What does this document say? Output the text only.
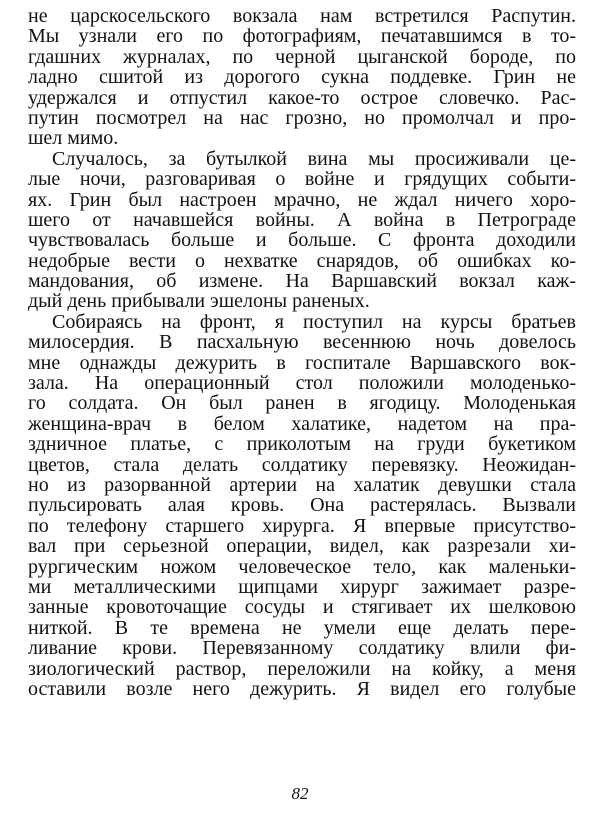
не царскосельского вокзала нам встретился Распутин.
Мы узнали его по фотографиям, печатавшимся в то-
гдашних журналах, по черной цыганской бороде, по
ладно сшитой из дорогого сукна поддевке. Грин не
удержался и отпустил какое-то острое словечко. Рас-
путин посмотрел на нас грозно, но промолчал и про-
шел мимо.
Случалось, за бутылкой вина мы просиживали це-
лые ночи, разговаривая о войне и грядущих событи-
ях. Грин был настроен мрачно, не ждал ничего хоро-
шего от начавшейся войны. А война в Петрограде
чувствовалась больше и больше. С фронта доходили
недобрые вести о нехватке снарядов, об ошибках ко-
мандования, об измене. На Варшавский вокзал каж-
дый день прибывали эшелоны раненых.
Собираясь на фронт, я поступил на курсы братьев
милосердия. В пасхальную весеннюю ночь довелось
мне однажды дежурить в госпитале Варшавского вок-
зала. На операционный стол положили молоденько-
го солдата. Он был ранен в ягодицу. Молоденькая
женщина-врач в белом халатике, надетом на пра-
здничное платье, с приколотым на груди букетиком
цветов, стала делать солдатику перевязку. Неожидан-
но из разорванной артерии на халатик девушки стала
пульсировать алая кровь. Она растерялась. Вызвали
по телефону старшего хирурга. Я впервые присутство-
вал при серьезной операции, видел, как разрезали хи-
рургическим ножом человеческое тело, как маленьки-
ми металлическими щипцами хирург зажимает разре-
занные кровоточащие сосуды и стягивает их шелковою
ниткой. В те времена не умели еще делать пере-
ливание крови. Перевязанному солдатику влили фи-
зиологический раствор, переложили на койку, а меня
оставили возле него дежурить. Я видел его голубые
82
